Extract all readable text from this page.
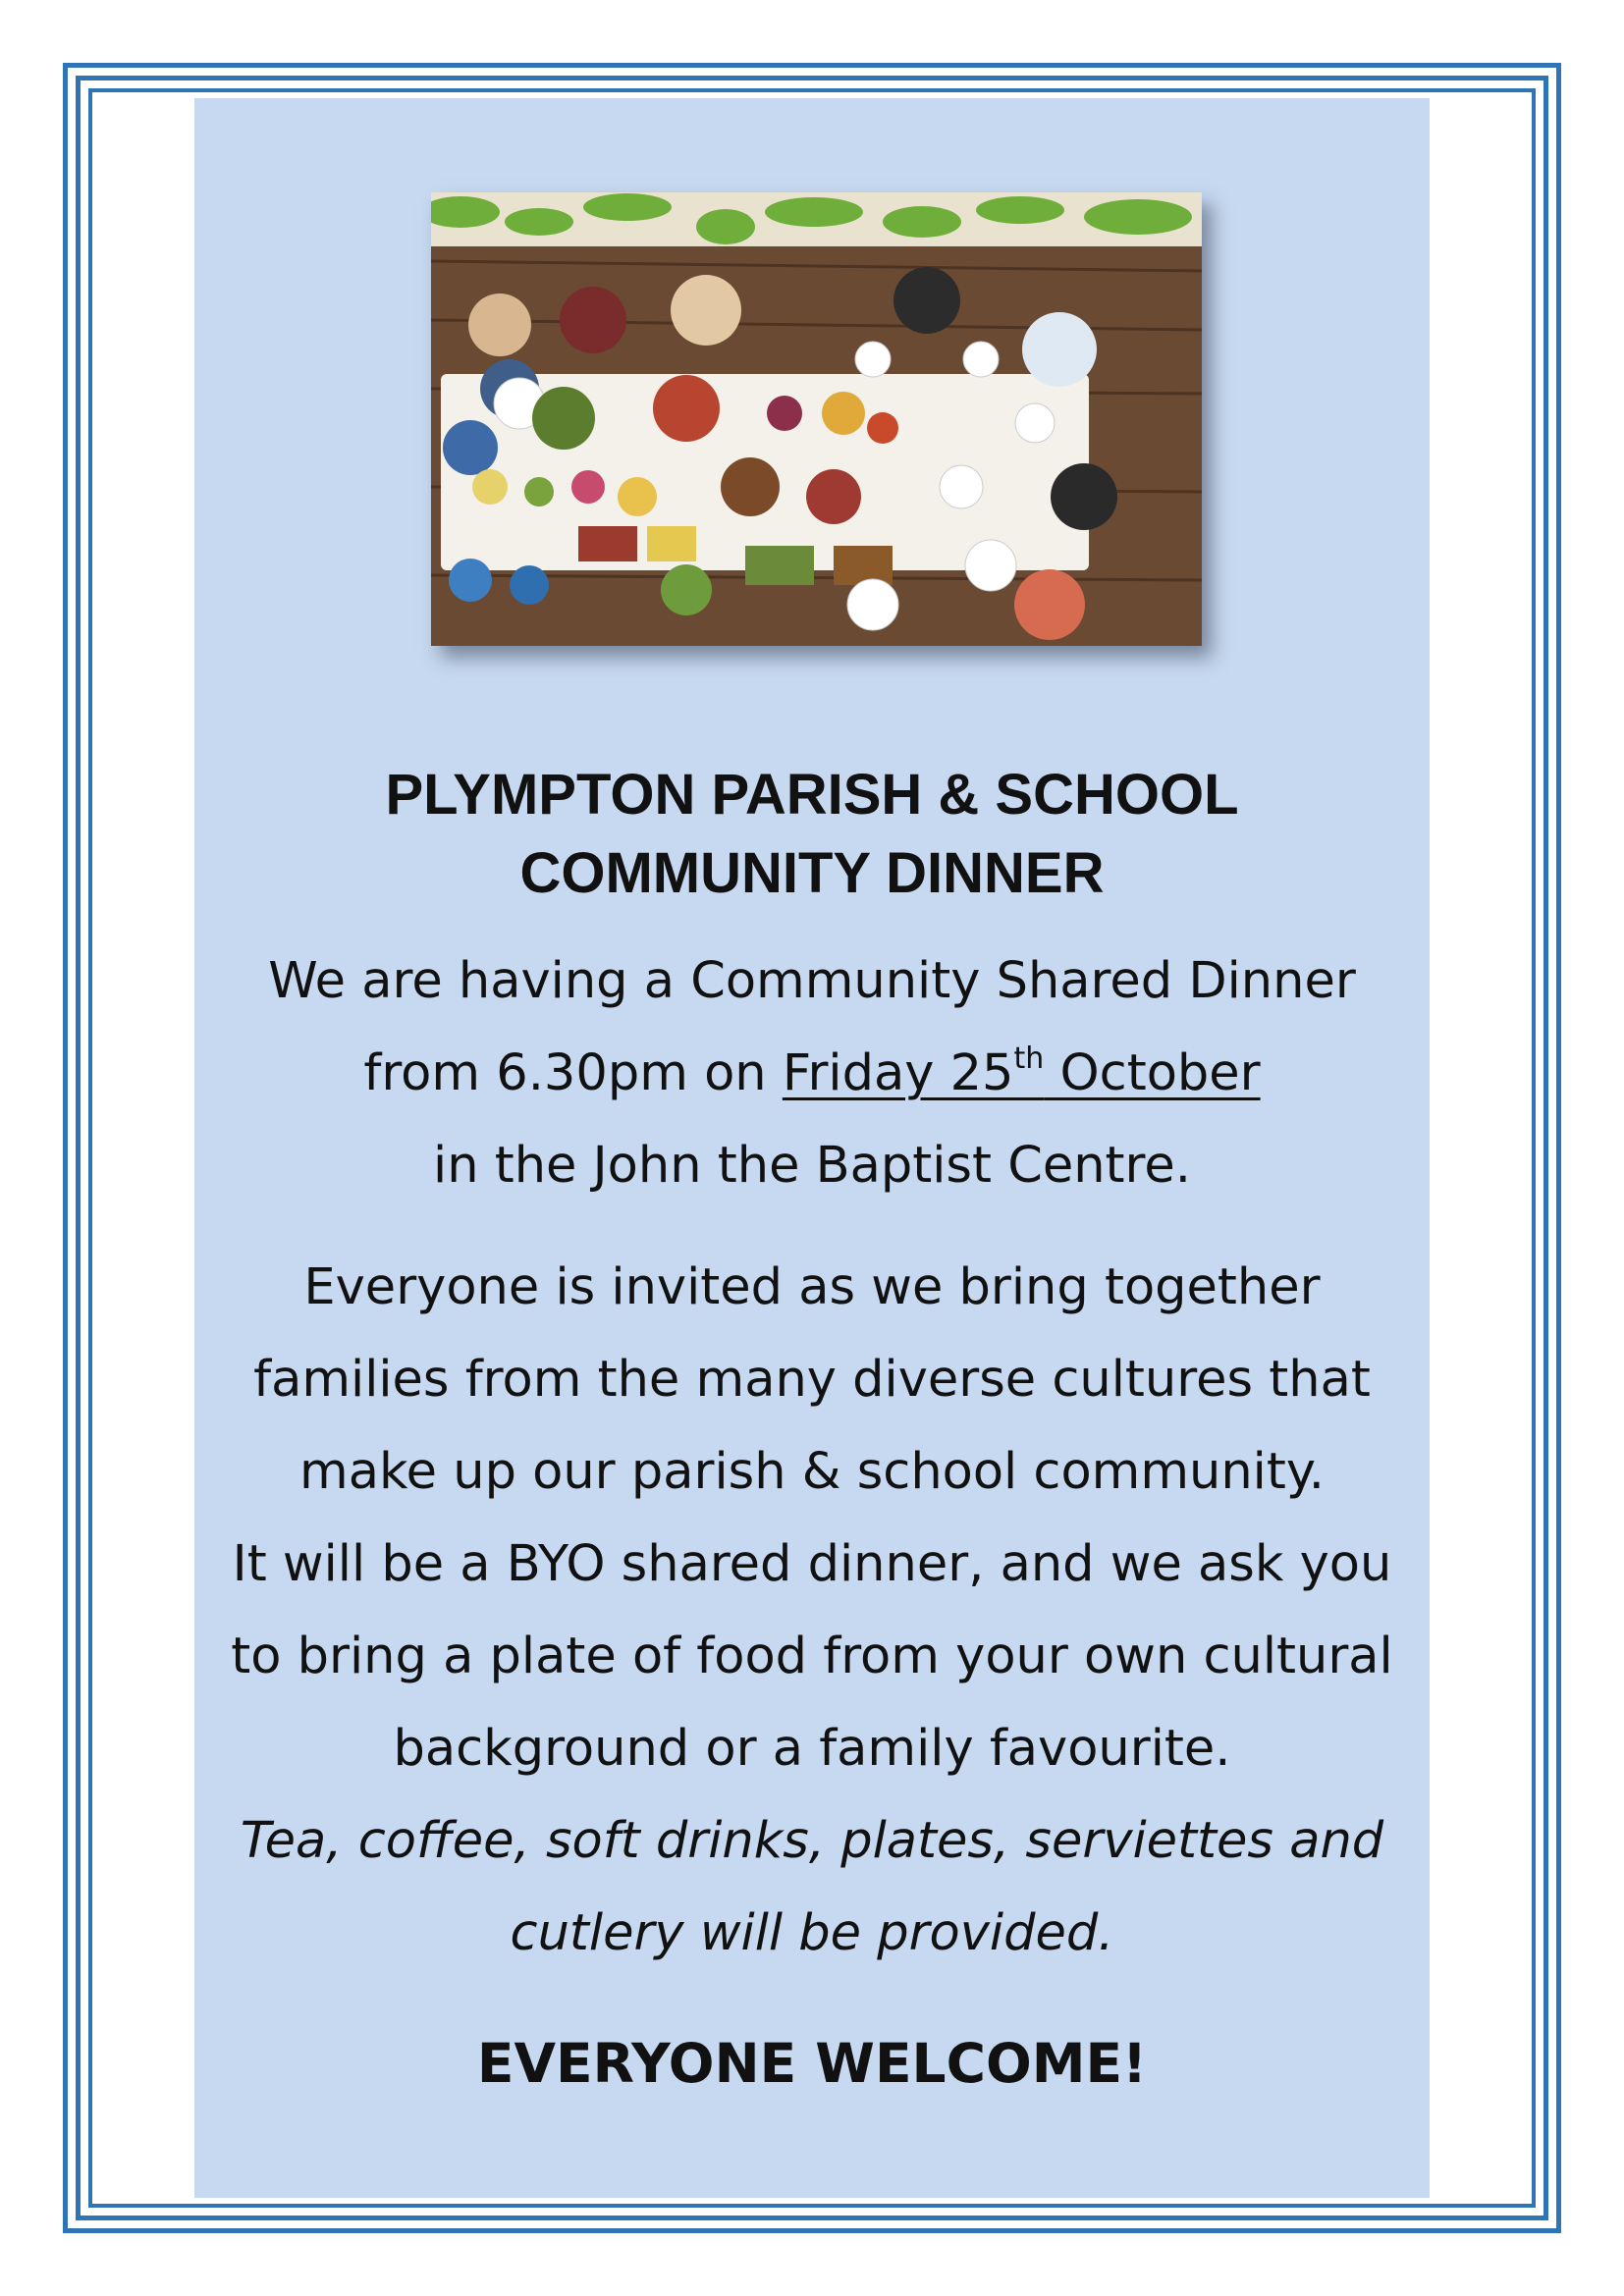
PLYMPTON PARISH & SCHOOL
COMMUNITY DINNER

We are having a Community Shared Dinner

from 6.30pm on Friday 25th October

in the John the Baptist Centre.

Everyone is invited as we bring together

families from the many diverse cultures that

make up our parish & school community.

It will be a BYO shared dinner, and we ask you

to bring a plate of food from your own cultural

background or a family favourite.

Tea, coffee, soft drinks, plates, serviettes and

cutlery will be provided.

EVERYONE WELCOME!
